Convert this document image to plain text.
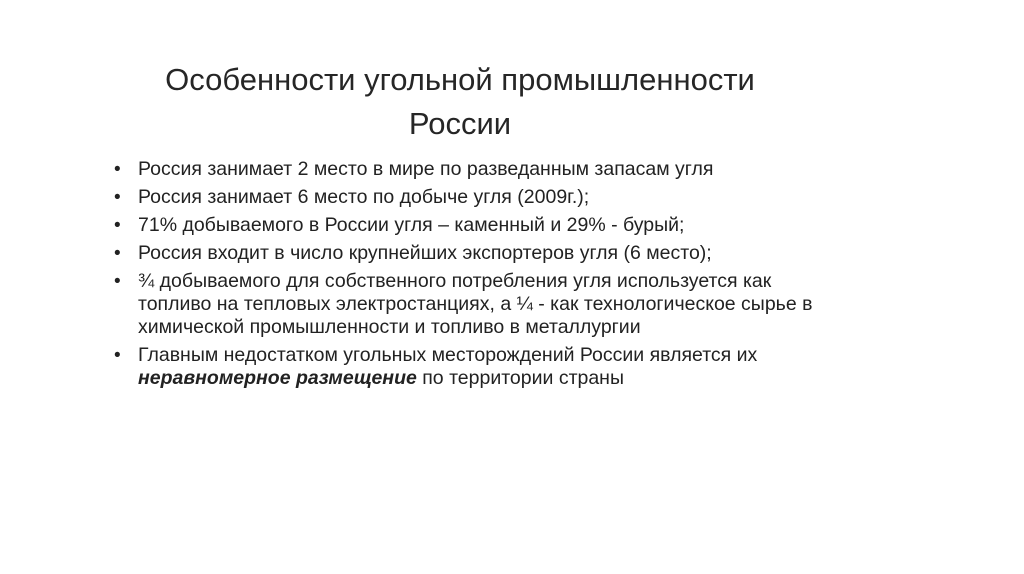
Особенности угольной промышленности
России
• Россия занимает 2 место в мире по разведанным запасам угля
• Россия занимает 6 место по добыче угля (2009г.);
• 71% добываемого в России угля – каменный и 29% - бурый;
• Россия входит в число крупнейших экспортеров угля (6 место);
• ¾ добываемого для собственного потребления угля используется как топливо на тепловых электростанциях, а ¼ - как технологическое сырье в химической промышленности и топливо в металлургии
• Главным недостатком угольных месторождений России является их неравномерное размещение по территории страны
